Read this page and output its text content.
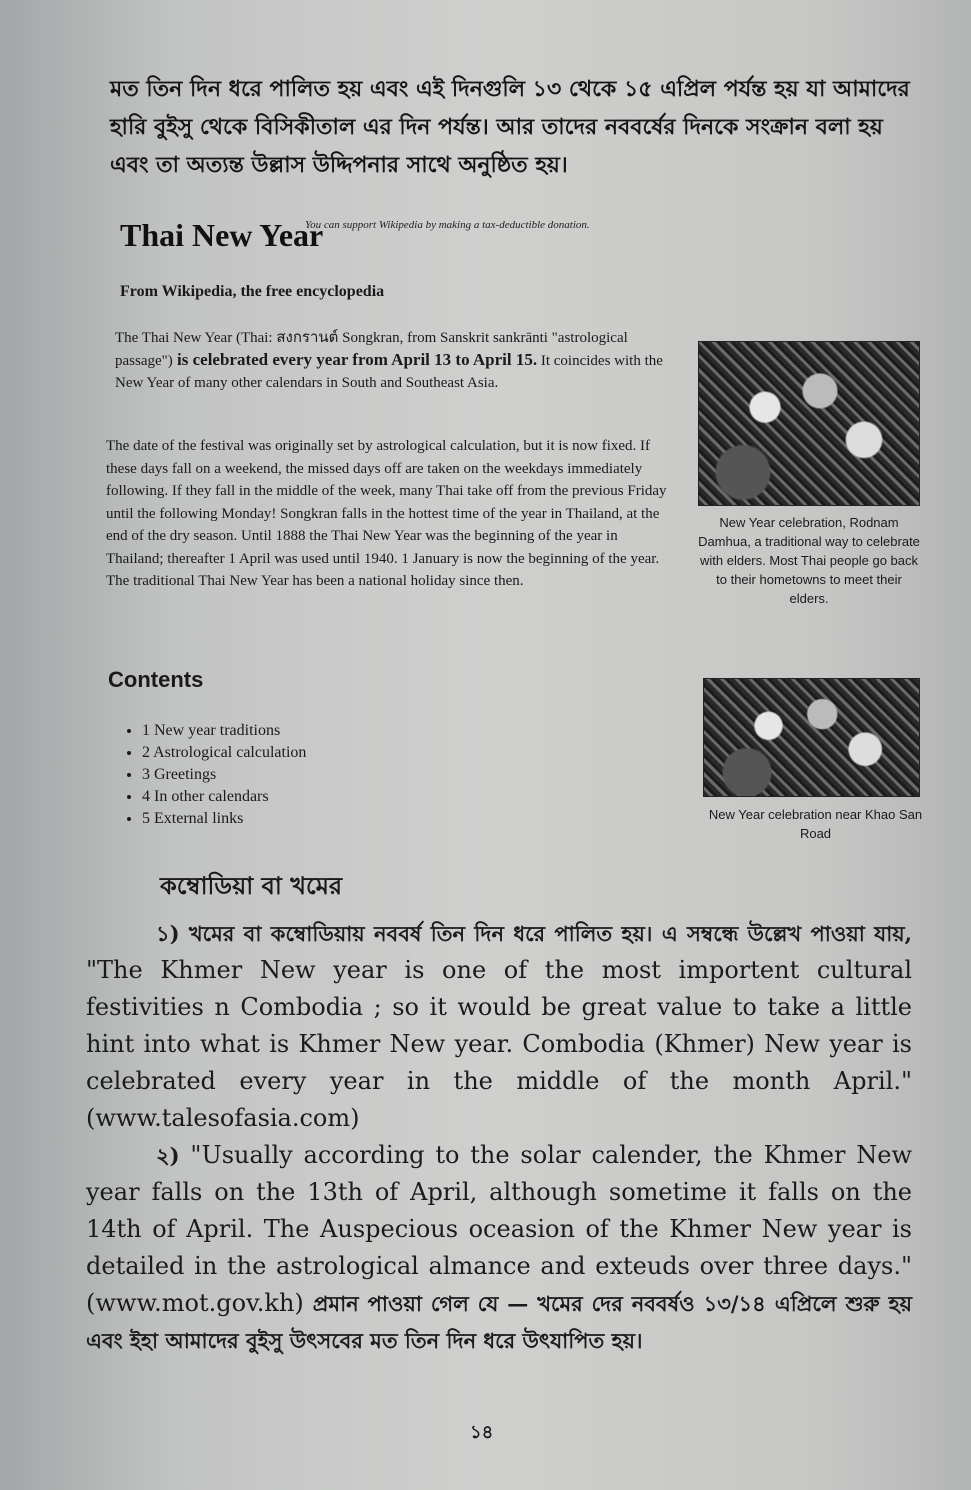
মত তিন দিন ধরে পালিত হয় এবং এই দিনগুলি ১৩ থেকে ১৫ এপ্রিল পর্যন্ত হয় যা আমাদের

হারি বুইসু থেকে বিসিকীতাল এর দিন পর্যন্ত। আর তাদের নববর্ষের দিনকে সংক্রান বলা হয়

এবং তা অত্যন্ত উল্লাস উদ্দিপনার সাথে অনুষ্ঠিত হয়।

Thai New Year
You can support Wikipedia by making a tax-deductible donation.
From Wikipedia, the free encyclopedia
The Thai New Year (Thai: สงกรานต์ Songkran, from Sanskrit sankrānti "astrological passage") is celebrated every year from April 13 to April 15. It coincides with the New Year of many other calendars in South and Southeast Asia.
The date of the festival was originally set by astrological calculation, but it is now fixed. If these days fall on a weekend, the missed days off are taken on the weekdays immediately following. If they fall in the middle of the week, many Thai take off from the previous Friday until the following Monday! Songkran falls in the hottest time of the year in Thailand, at the end of the dry season. Until 1888 the Thai New Year was the beginning of the year in Thailand; thereafter 1 April was used until 1940. 1 January is now the beginning of the year. The traditional Thai New Year has been a national holiday since then.
Contents
• 1 New year traditions
• 2 Astrological calculation
• 3 Greetings
• 4 In other calendars
• 5 External links
New Year celebration, Rodnam Damhua, a traditional way to celebrate with elders. Most Thai people go back to their hometowns to meet their elders.
New Year celebration near Khao San Road
কম্বোডিয়া বা খমের

১) খমের বা কম্বোডিয়ায় নববর্ষ তিন দিন ধরে পালিত হয়। এ সম্বন্ধে উল্লেখ পাওয়া যায়, "The Khmer New year is one of the most importent cultural festivities n Combodia ; so it would be great value to take a little hint into what is Khmer New year. Combodia (Khmer) New year is celebrated every year in the middle of the month April." (www.talesofasia.com)

২) "Usually according to the solar calender, the Khmer New year falls on the 13th of April, although sometime it falls on the 14th of April. The Auspecious oceasion of the Khmer New year is detailed in the astrological almance and exteuds over three days." (www.mot.gov.kh) প্রমান পাওয়া গেল যে — খমের দের নববর্ষও ১৩/১৪ এপ্রিলে শুরু হয় এবং ইহা আমাদের বুইসু উৎসবের মত তিন দিন ধরে উৎযাপিত হয়।

১৪
